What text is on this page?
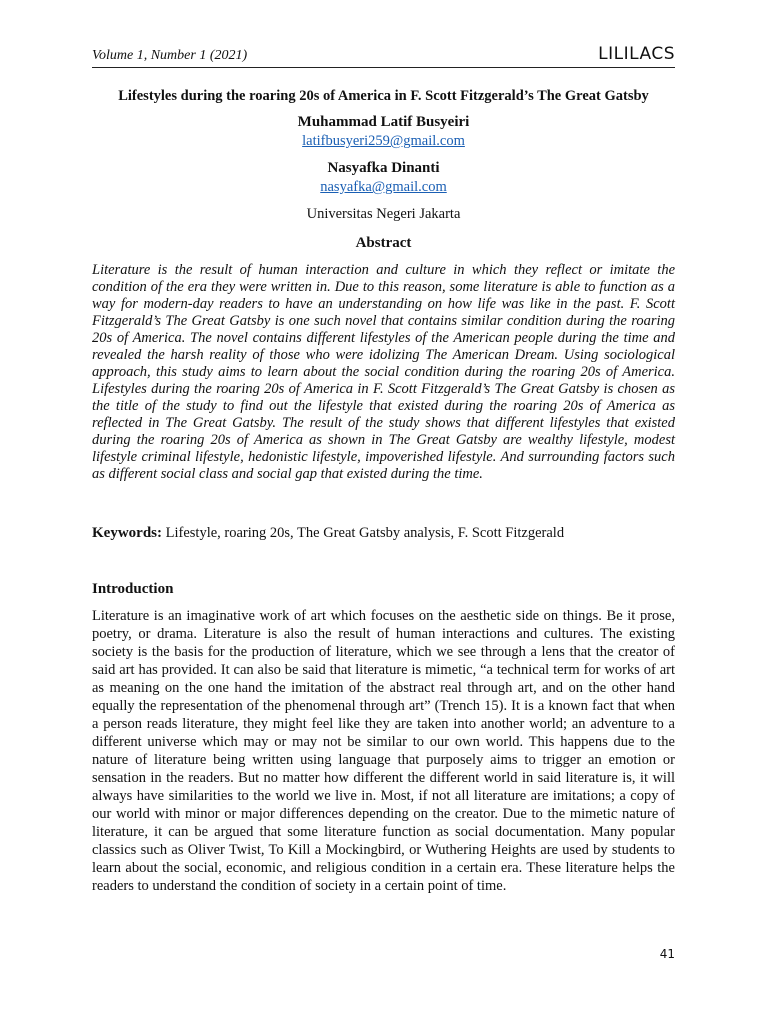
Volume 1, Number 1 (2021)	LILILACS
Lifestyles during the roaring 20s of America in F. Scott Fitzgerald’s The Great Gatsby
Muhammad Latif Busyeiri
latifbusyeri259@gmail.com
Nasyafka Dinanti
nasyafka@gmail.com
Universitas Negeri Jakarta
Abstract

Literature is the result of human interaction and culture in which they reflect or imitate the condition of the era they were written in. Due to this reason, some literature is able to function as a way for modern-day readers to have an understanding on how life was like in the past. F. Scott Fitzgerald’s The Great Gatsby is one such novel that contains similar condition during the roaring 20s of America. The novel contains different lifestyles of the American people during the time and revealed the harsh reality of those who were idolizing The American Dream. Using sociological approach, this study aims to learn about the social condition during the roaring 20s of America. Lifestyles during the roaring 20s of America in F. Scott Fitzgerald’s The Great Gatsby is chosen as the title of the study to find out the lifestyle that existed during the roaring 20s of America as reflected in The Great Gatsby. The result of the study shows that different lifestyles that existed during the roaring 20s of America as shown in The Great Gatsby are wealthy lifestyle, modest lifestyle criminal lifestyle, hedonistic lifestyle, impoverished lifestyle. And surrounding factors such as different social class and social gap that existed during the time.

Keywords: Lifestyle, roaring 20s, The Great Gatsby analysis, F. Scott Fitzgerald

Introduction

Literature is an imaginative work of art which focuses on the aesthetic side on things. Be it prose, poetry, or drama. Literature is also the result of human interactions and cultures. The existing society is the basis for the production of literature, which we see through a lens that the creator of said art has provided. It can also be said that literature is mimetic, “a technical term for works of art as meaning on the one hand the imitation of the abstract real through art, and on the other hand equally the representation of the phenomenal through art” (Trench 15). It is a known fact that when a person reads literature, they might feel like they are taken into another world; an adventure to a different universe which may or may not be similar to our own world. This happens due to the nature of literature being written using language that purposely aims to trigger an emotion or sensation in the readers. But no matter how different the different world in said literature is, it will always have similarities to the world we live in. Most, if not all literature are imitations; a copy of our world with minor or major differences depending on the creator. Due to the mimetic nature of literature, it can be argued that some literature function as social documentation. Many popular classics such as Oliver Twist, To Kill a Mockingbird, or Wuthering Heights are used by students to learn about the social, economic, and religious condition in a certain era. These literature helps the readers to understand the condition of society in a certain point of time.

41
